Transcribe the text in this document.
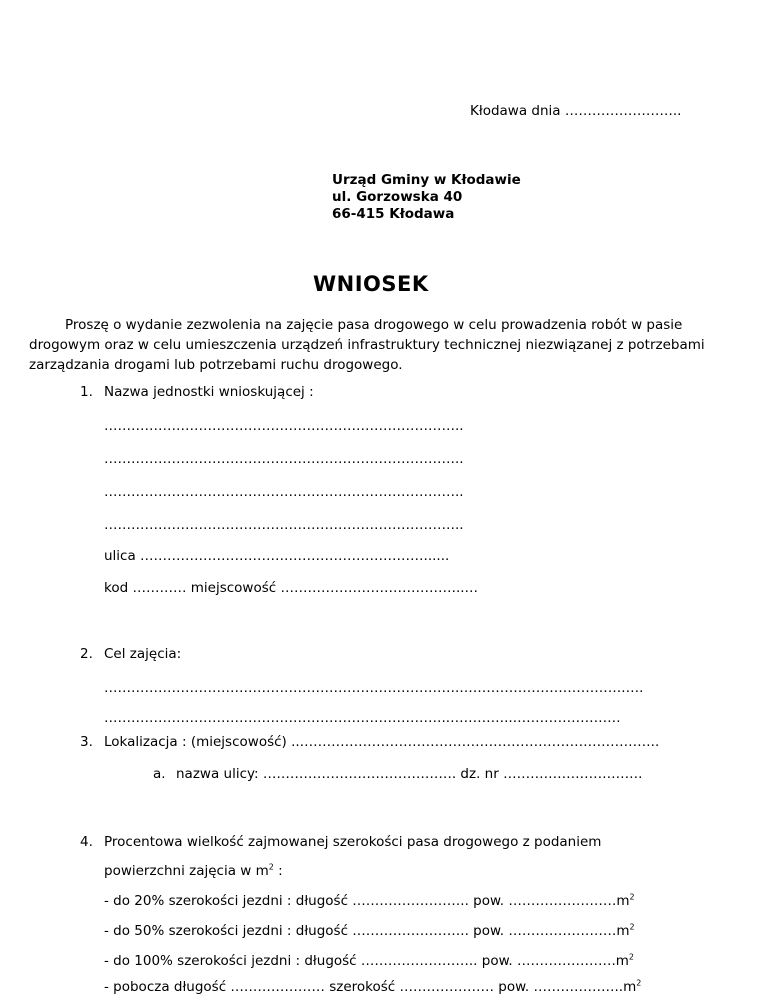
Kłodawa dnia ……………………..
Urząd Gminy w Kłodawie
ul. Gorzowska 40
66-415 Kłodawa
WNIOSEK
Proszę o wydanie zezwolenia na zajęcie pasa drogowego w celu prowadzenia robót w pasie drogowym oraz w celu umieszczenia urządzeń infrastruktury technicznej niezwiązanej z potrzebami zarządzania drogami lub potrzebami ruchu drogowego.
1. Nazwa jednostki wnioskującej :
……………………………………………………………………..
……………………………………………………………………..
……………………………………………………………………..
……………………………………………………………………..
ulica ………………………………………………………......
kod ………… miejscowość …………………………………..…
2. Cel zajęcia:
…………………………………………………………………….……………………………….….
…………………………………………………………………..…………..……………………
3. Lokalizacja : (miejscowość) ..……………………………………………………………………..
a. nazwa ulicy: ……………………………………. dz. nr ………………………….
4. Procentowa wielkość zajmowanej szerokości pasa drogowego z podaniem
powierzchni zajęcia w $m^2$ :
- do 20% szerokości jezdni : długość …………………….. pow. $\dots\dots\dots\dots\dots\dots\dots\dots m^2$
- do 50% szerokości jezdni : długość …………………….. pow. $\dots\dots\dots\dots\dots\dots\dots\dots m^2$
- do 100% szerokości jezdni : długość …………………….. pow. $\dots\dots\dots\dots\dots\dots\dots.m^2$
- pobocza długość ………………… szerokość ………………… pow. $\dots\dots\dots\dots\dots\dots..m^2$
